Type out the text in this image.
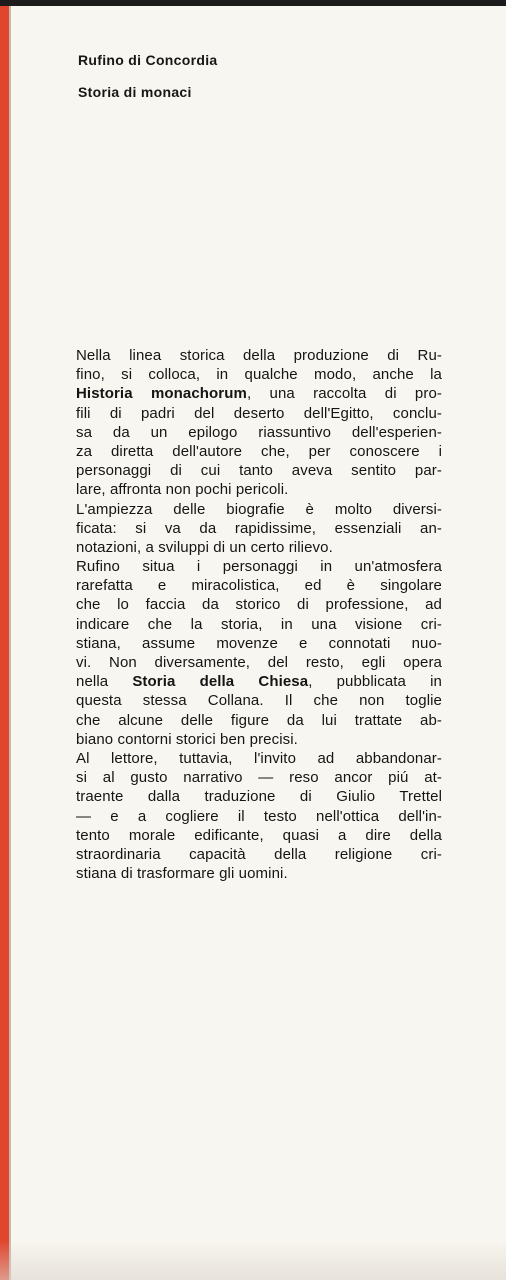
Rufino di Concordia

Storia di monaci

Nella linea storica della produzione di Ru-
fino, si colloca, in qualche modo, anche la
Historia monachorum, una raccolta di pro-
fili di padri del deserto dell'Egitto, conclu-
sa da un epilogo riassuntivo dell'esperien-
za diretta dell'autore che, per conoscere i
personaggi di cui tanto aveva sentito par-
lare, affronta non pochi pericoli.

L'ampiezza delle biografie è molto diversi-
ficata: si va da rapidissime, essenziali an-
notazioni, a sviluppi di un certo rilievo.

Rufino situa i personaggi in un'atmosfera
rarefatta e miracolistica, ed è singolare
che lo faccia da storico di professione, ad
indicare che la storia, in una visione cri-
stiana, assume movenze e connotati nuo-
vi. Non diversamente, del resto, egli opera
nella Storia della Chiesa, pubblicata in
questa stessa Collana. Il che non toglie
che alcune delle figure da lui trattate ab-
biano contorni storici ben precisi.

Al lettore, tuttavia, l'invito ad abbandonar-
si al gusto narrativo — reso ancor piú at-
traente dalla traduzione di Giulio Trettel
— e a cogliere il testo nell'ottica dell'in-
tento morale edificante, quasi a dire della
straordinaria capacità della religione cri-
stiana di trasformare gli uomini.
